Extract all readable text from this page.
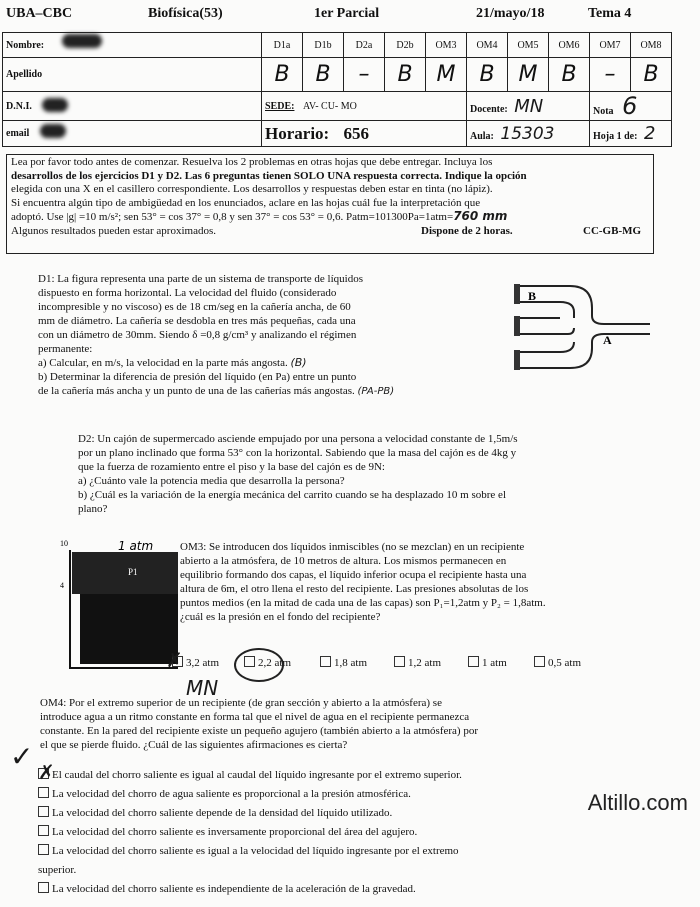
UBA–CBC	Biofísica(53)	1er Parcial	21/mayo/18	Tema 4
Nombre:	D1a	D1b	D2a	D2b	OM3	OM4	OM5	OM6	OM7	OM8
Apellido	B	B	–	B	M	B	M	B	–	B
D.N.I.	SEDE: AV- CU- MO					Docente: MN			Nota 6	
email	Horario: 656					Aula: 15303			Hoja 1 de: 2	
Lea por favor todo antes de comenzar. Resuelva los 2 problemas en otras hojas que debe entregar. Incluya los
desarrollos de los ejercicios D1 y D2. Las 6 preguntas tienen SOLO UNA respuesta correcta. Indique la opción
elegida con una X en el casillero correspondiente. Los desarrollos y respuestas deben estar en tinta (no lápiz).
Si encuentra algún tipo de ambigüedad en los enunciados, aclare en las hojas cuál fue la interpretación que
adoptó. Use |g| =10 m/s²; sen 53° = cos 37° = 0,8 y sen 37° = cos 53° = 0,6. Patm=101300Pa=1atm=760 mm
Algunos resultados pueden estar aproximados.	Dispone de 2 horas.	CC-GB-MG
D1: La figura representa una parte de un sistema de transporte de líquidos
dispuesto en forma horizontal. La velocidad del fluido (considerado
incompresible y no viscoso) es de 18 cm/seg en la cañería ancha, de 60
mm de diámetro. La cañería se desdobla en tres más pequeñas, cada una
con un diámetro de 30mm. Siendo δ =0,8 g/cm³ y analizando el régimen
permanente:
a) Calcular, en m/s, la velocidad en la parte más angosta. (B)
b) Determinar la diferencia de presión del líquido (en Pa) entre un punto
de la cañería más ancha y un punto de una de las cañerías más angostas. (PA-PB)
B
A
D2: Un cajón de supermercado asciende empujado por una persona a velocidad constante de 1,5m/s
por un plano inclinado que forma 53° con la horizontal. Sabiendo que la masa del cajón es de 4kg y
que la fuerza de rozamiento entre el piso y la base del cajón es de 9N:
a) ¿Cuánto vale la potencia media que desarrolla la persona?
b) ¿Cuál es la variación de la energía mecánica del carrito cuando se ha desplazado 10 m sobre el
plano?
10
4
1 atm
P1
OM3: Se introducen dos líquidos inmiscibles (no se mezclan) en un recipiente
abierto a la atmósfera, de 10 metros de altura. Los mismos permanecen en
equilibrio formando dos capas, el líquido inferior ocupa el recipiente hasta una
altura de 6m, el otro llena el resto del recipiente. Las presiones absolutas de los
puntos medios (en la mitad de cada una de las capas) son P₁=1,2atm y P₂ = 1,8atm.
¿cuál es la presión en el fondo del recipiente?
3,2 atm	2,2 atm	1,8 atm	1,2 atm	1 atm	0,5 atm
✗
MN
OM4: Por el extremo superior de un recipiente (de gran sección y abierto a la atmósfera) se
introduce agua a un ritmo constante en forma tal que el nivel de agua en el recipiente permanezca
constante. En la pared del recipiente existe un pequeño agujero (también abierto a la atmósfera) por
el que se pierde fluido. ¿Cuál de las siguientes afirmaciones es cierta?
El caudal del chorro saliente es igual al caudal del líquido ingresante por el extremo superior.
La velocidad del chorro de agua saliente es proporcional a la presión atmosférica.
La velocidad del chorro saliente depende de la densidad del líquido utilizado.
La velocidad del chorro saliente es inversamente proporcional del área del agujero.
La velocidad del chorro saliente es igual a la velocidad del líquido ingresante por el extremo
superior.
La velocidad del chorro saliente es independiente de la aceleración de la gravedad.
✗
✓
Altillo.com
